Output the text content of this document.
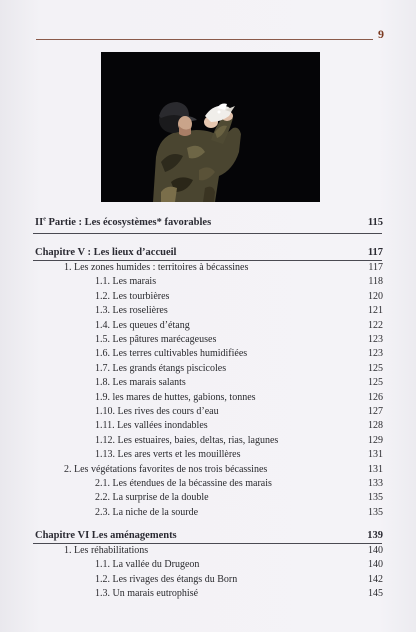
9
IIe Partie : Les écosystèmes* favorables	115
Chapitre V : Les lieux d’accueil	117
1. Les zones humides : territoires à bécassines	117
1.1. Les marais	118
1.2. Les tourbières	120
1.3. Les roselières	121
1.4. Les queues d’étang	122
1.5. Les pâtures marécageuses	123
1.6. Les terres cultivables humidifiées	123
1.7. Les grands étangs piscicoles	125
1.8. Les marais salants	125
1.9. les mares de huttes, gabions, tonnes	126
1.10. Les rives des cours d’eau	127
1.11. Les vallées inondables	128
1.12. Les estuaires, baies, deltas, rias, lagunes	129
1.13. Les ares verts et les mouillères	131
2. Les végétations favorites de nos trois bécassines	131
2.1. Les étendues de la bécassine des marais	133
2.2. La surprise de la double	135
2.3. La niche de la sourde	135
Chapitre VI Les aménagements	139
1. Les réhabilitations	140
1.1. La vallée du Drugeon	140
1.2. Les rivages des étangs du Born	142
1.3. Un marais eutrophisé	145
